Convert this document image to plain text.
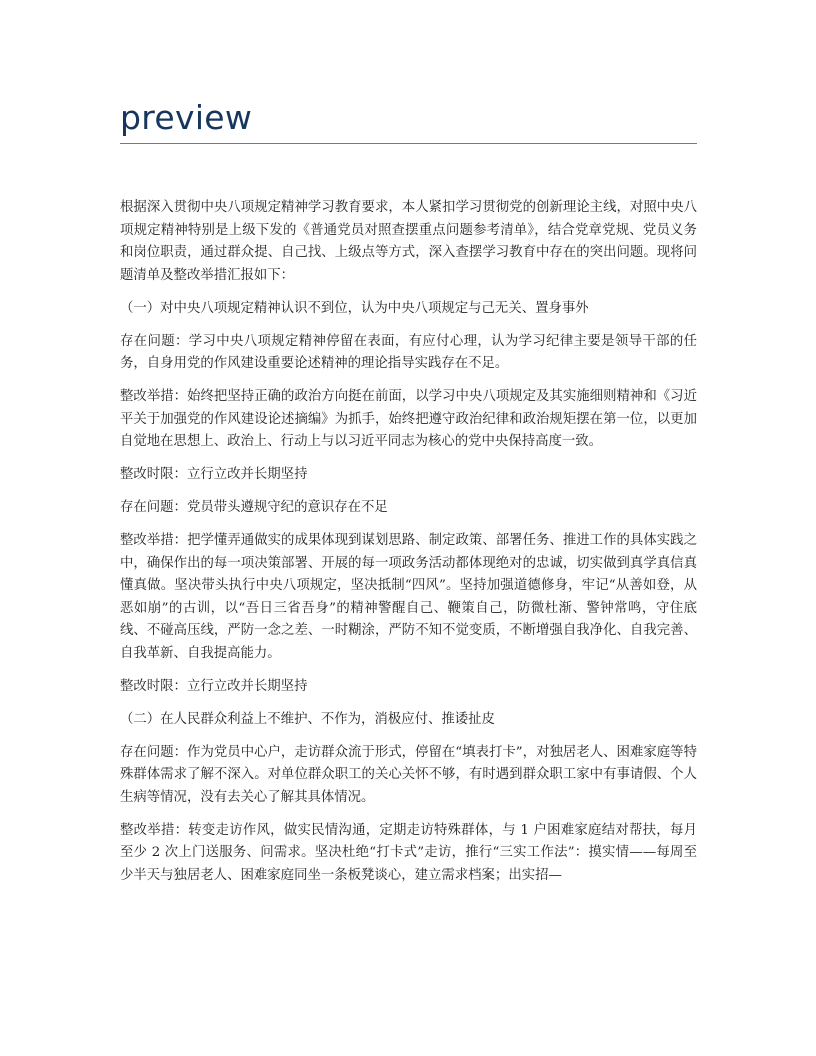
preview

根据深入贯彻中央八项规定精神学习教育要求，本人紧扣学习贯彻党的创新理论主线，对照中央八项规定精神特别是上级下发的《普通党员对照查摆重点问题参考清单》，结合党章党规、党员义务和岗位职责，通过群众提、自己找、上级点等方式，深入查摆学习教育中存在的突出问题。现将问题清单及整改举措汇报如下：

（一）对中央八项规定精神认识不到位，认为中央八项规定与己无关、置身事外

存在问题：学习中央八项规定精神停留在表面，有应付心理，认为学习纪律主要是领导干部的任务，自身用党的作风建设重要论述精神的理论指导实践存在不足。

整改举措：始终把坚持正确的政治方向挺在前面，以学习中央八项规定及其实施细则精神和《习近平关于加强党的作风建设论述摘编》为抓手，始终把遵守政治纪律和政治规矩摆在第一位，以更加自觉地在思想上、政治上、行动上与以习近平同志为核心的党中央保持高度一致。

整改时限：立行立改并长期坚持

存在问题：党员带头遵规守纪的意识存在不足

整改举措：把学懂弄通做实的成果体现到谋划思路、制定政策、部署任务、推进工作的具体实践之中，确保作出的每一项决策部署、开展的每一项政务活动都体现绝对的忠诚，切实做到真学真信真懂真做。坚决带头执行中央八项规定，坚决抵制“四风”。坚持加强道德修身，牢记“从善如登，从恶如崩”的古训，以“吾日三省吾身”的精神警醒自己、鞭策自己，防微杜渐、警钟常鸣，守住底线、不碰高压线，严防一念之差、一时糊涂，严防不知不觉变质，不断增强自我净化、自我完善、自我革新、自我提高能力。

整改时限：立行立改并长期坚持

（二）在人民群众利益上不维护、不作为，消极应付、推诿扯皮

存在问题：作为党员中心户，走访群众流于形式，停留在“填表打卡”，对独居老人、困难家庭等特殊群体需求了解不深入。对单位群众职工的关心关怀不够，有时遇到群众职工家中有事请假、个人生病等情况，没有去关心了解其具体情况。

整改举措：转变走访作风，做实民情沟通，定期走访特殊群体，与 1 户困难家庭结对帮扶，每月至少 2 次上门送服务、问需求。坚决杜绝“打卡式”走访，推行“三实工作法”：摸实情——每周至少半天与独居老人、困难家庭同坐一条板凳谈心，建立需求档案；出实招—
